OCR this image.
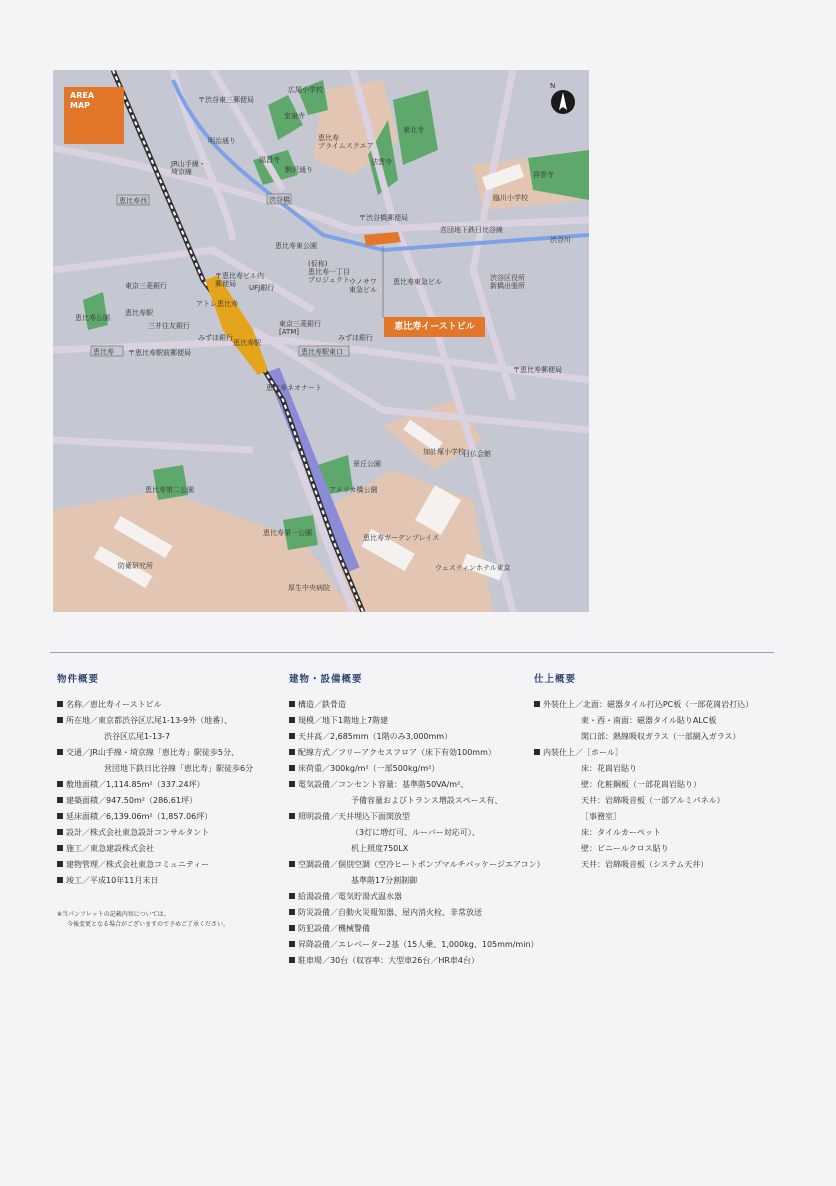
N
広尾小学校
〒渋谷東三郵便局
室泉寺
明治通り	恵比寿プライムスクエア
東北寺
法雲寺
福昌寺
駒沢通り
JR山手線・埼京線	祥雲寺
臨川小学校
恵比寿西	渋谷橋
〒渋谷橋郵便局
営団地下鉄日比谷線
渋谷川
恵比寿東公園
〒恵比寿ビル内郵便局
(仮称)恵比寿一丁目プロジェクト	恵比寿東急ビル	渋谷区役所新橋出張所
東京三菱銀行	UFJ銀行
ウノサワ東急ビル
アトレ恵比寿
恵比寿公園
恵比寿駅
三井住友銀行	東京三菱銀行[ATM]
みずほ銀行
みずほ銀行
恵比寿駅
恵比寿 〒恵比寿駅前郵便局	恵比寿駅東口
〒恵比寿郵便局
恵比寿ネオナート
加計塚小学校
日仏会館
景丘公園
アメリカ橋公園
恵比寿第二公園
恵比寿第一公園
恵比寿ガーデンプレイス
防衛研究所	ウェスティンホテル東京
厚生中央病院
AREA
MAP
恵比寿イーストビル
物件概要
名称／恵比寿イーストビル
所在地／東京都渋谷区広尾1-13-9外（地番）、
渋谷区広尾1-13-7
交通／JR山手線・埼京線「恵比寿」駅徒歩5分、
営団地下鉄日比谷線「恵比寿」駅徒歩6分
敷地面積／1,114.85m²（337.24坪）
建築面積／947.50m²（286.61坪）
延床面積／6,139.06m²（1,857.06坪）
設計／株式会社東急設計コンサルタント
施工／東急建設株式会社
建物管理／株式会社東急コミュニティー
竣工／平成10年11月末日
※当パンフレットの記載内容については、
今後変更となる場合がございますので予めご了承ください。
建物・設備概要
構造／鉄骨造
規模／地下1階地上7階建
天井高／2,685mm（1階のみ3,000mm）
配線方式／フリーアクセスフロア（床下有効100mm）
床荷重／300kg/m²（一部500kg/m²）
電気設備／コンセント容量：基準階50VA/m²、
予備容量およびトランス増設スペース有、
照明設備／天井埋込下面開放型
（3灯に増灯可、ルーバー対応可）、
机上照度750LX
空調設備／個別空調（空冷ヒートポンプマルチパッケージエアコン）
基準階17分割制御
給湯設備／電気貯湯式温水器
防災設備／自動火災報知器、屋内消火栓、非常放送
防犯設備／機械警備
昇降設備／エレベーター2基（15人乗、1,000kg、105mm/min）
駐車場／30台（収容率：大型車26台／HR車4台）
仕上概要
外装仕上／北面：磁器タイル打込PC板（一部花崗岩打込）
東・西・南面：磁器タイル貼りALC板
開口部：熱線吸収ガラス（一部網入ガラス）
内装仕上／［ホール］
床：花崗岩貼り
壁：化粧鋼板（一部花崗岩貼り）
天井：岩綿吸音板（一部アルミパネル）
［事務室］
床：タイルカーペット
壁：ビニールクロス貼り
天井：岩綿吸音板（システム天井）
